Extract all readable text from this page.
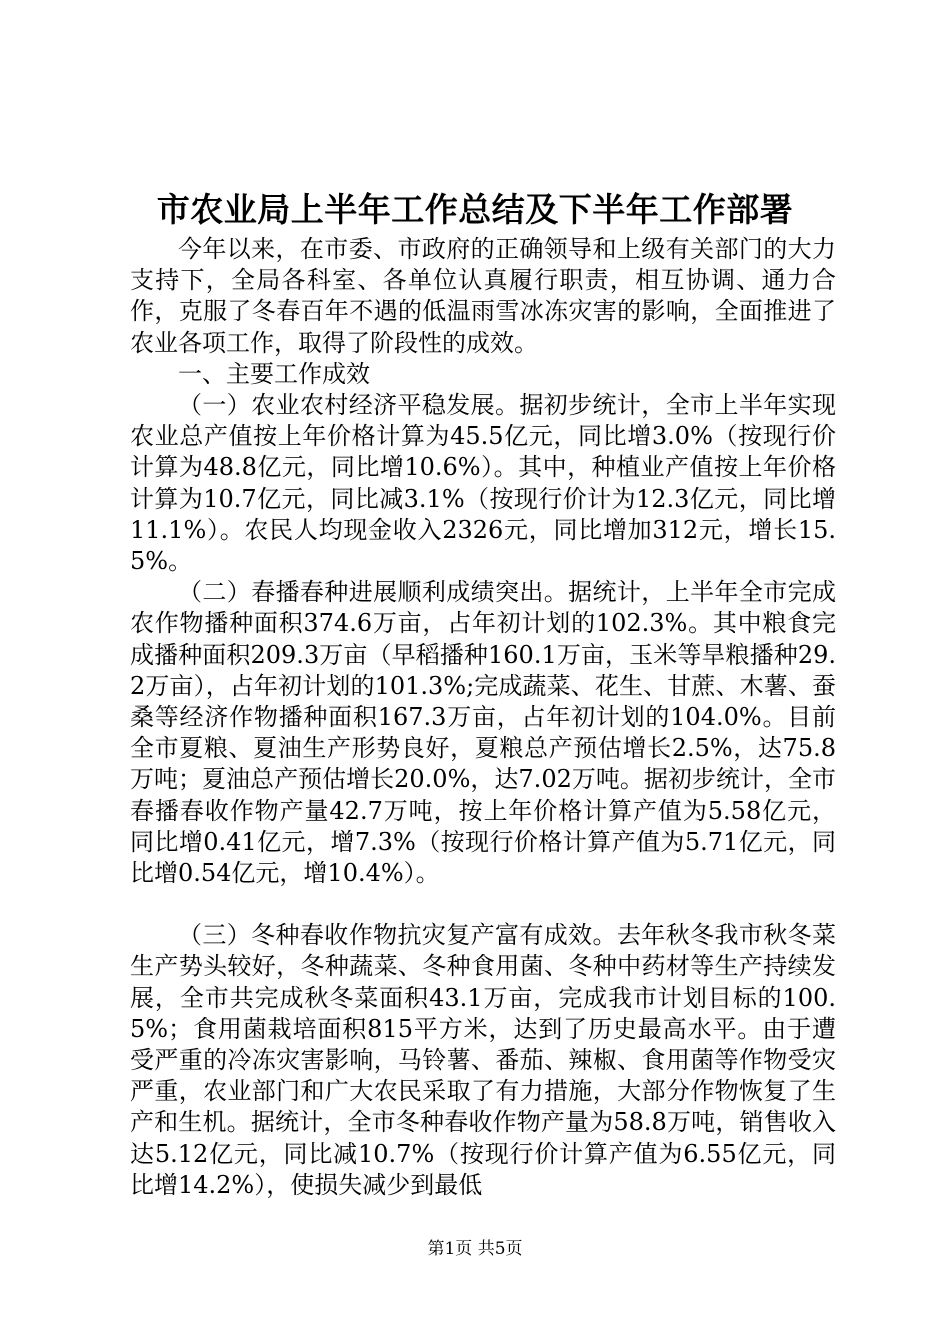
市农业局上半年工作总结及下半年工作部署

今年以来，在市委、市政府的正确领导和上级有关部门的大力支持下，全局各科室、各单位认真履行职责，相互协调、通力合作，克服了冬春百年不遇的低温雨雪冰冻灾害的影响，全面推进了农业各项工作，取得了阶段性的成效。

一、主要工作成效

（一）农业农村经济平稳发展。据初步统计，全市上半年实现农业总产值按上年价格计算为45.5亿元，同比增3.0%（按现行价计算为48.8亿元，同比增10.6%）。其中，种植业产值按上年价格计算为10.7亿元，同比减3.1%（按现行价计为12.3亿元，同比增11.1%）。农民人均现金收入2326元，同比增加312元，增长15.5%。

（二）春播春种进展顺利成绩突出。据统计，上半年全市完成农作物播种面积374.6万亩，占年初计划的102.3%。其中粮食完成播种面积209.3万亩（早稻播种160.1万亩，玉米等旱粮播种29.2万亩），占年初计划的101.3%;完成蔬菜、花生、甘蔗、木薯、蚕桑等经济作物播种面积167.3万亩，占年初计划的104.0%。目前全市夏粮、夏油生产形势良好，夏粮总产预估增长2.5%，达75.8万吨；夏油总产预估增长20.0%，达7.02万吨。据初步统计，全市春播春收作物产量42.7万吨，按上年价格计算产值为5.58亿元，同比增0.41亿元，增7.3%（按现行价格计算产值为5.71亿元，同比增0.54亿元，增10.4%）。

（三）冬种春收作物抗灾复产富有成效。去年秋冬我市秋冬菜生产势头较好，冬种蔬菜、冬种食用菌、冬种中药材等生产持续发展，全市共完成秋冬菜面积43.1万亩，完成我市计划目标的100.5%；食用菌栽培面积815平方米，达到了历史最高水平。由于遭受严重的冷冻灾害影响，马铃薯、番茄、辣椒、食用菌等作物受灾严重，农业部门和广大农民采取了有力措施，大部分作物恢复了生产和生机。据统计，全市冬种春收作物产量为58.8万吨，销售收入达5.12亿元，同比减10.7%（按现行价计算产值为6.55亿元，同比增14.2%），使损失减少到最低

第1页 共5页
